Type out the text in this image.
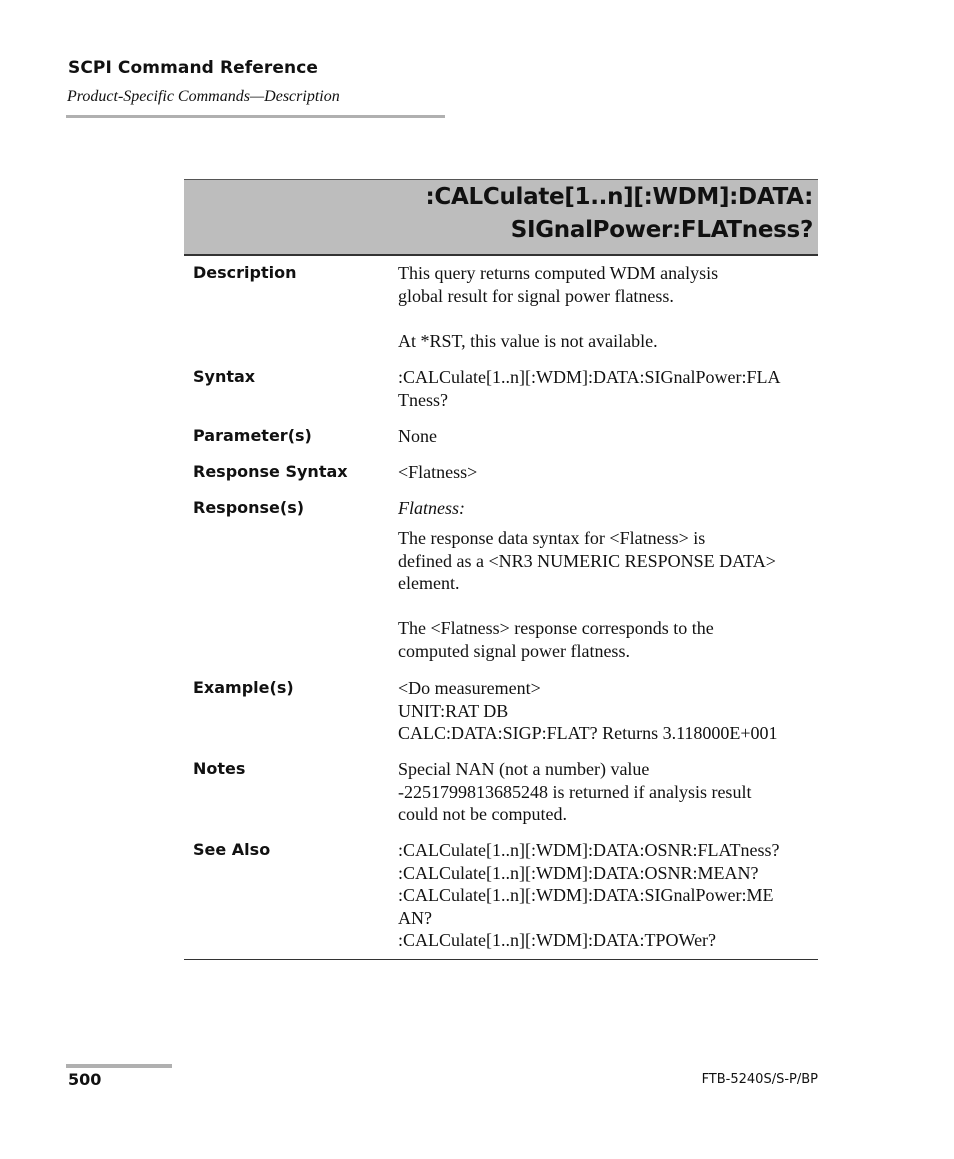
SCPI Command Reference
Product-Specific Commands—Description
:CALCulate[1..n][:WDM]:DATA:
SIGnalPower:FLATness?
Description	This query returns computed WDM analysis
global result for signal power flatness.
At *RST, this value is not available.
Syntax	:CALCulate[1..n][:WDM]:DATA:SIGnalPower:FLA
Tness?
Parameter(s)	None
Response Syntax	<Flatness>
Response(s)	Flatness:
The response data syntax for <Flatness> is
defined as a <NR3 NUMERIC RESPONSE DATA>
element.
The <Flatness> response corresponds to the
computed signal power flatness.
Example(s)	<Do measurement>
UNIT:RAT DB
CALC:DATA:SIGP:FLAT? Returns 3.118000E+001
Notes	Special NAN (not a number) value
-2251799813685248 is returned if analysis result
could not be computed.
See Also	:CALCulate[1..n][:WDM]:DATA:OSNR:FLATness?
:CALCulate[1..n][:WDM]:DATA:OSNR:MEAN?
:CALCulate[1..n][:WDM]:DATA:SIGnalPower:ME
AN?
:CALCulate[1..n][:WDM]:DATA:TPOWer?
500	FTB-5240S/S-P/BP
